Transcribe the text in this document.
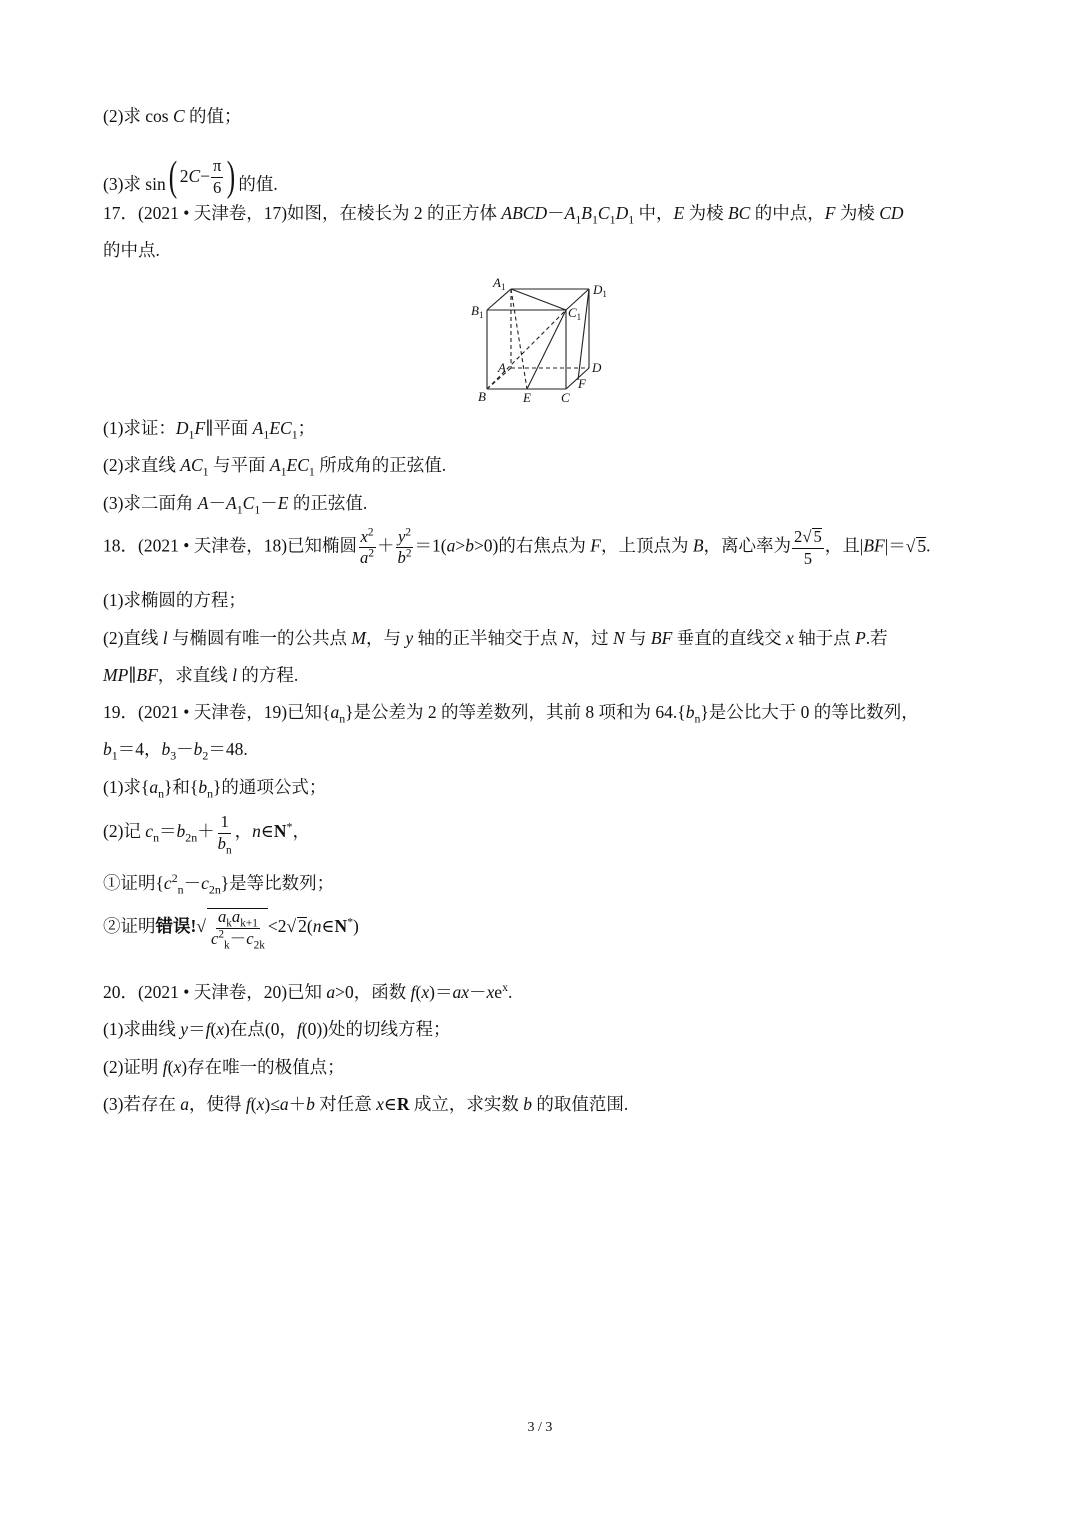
(2)求 cos C 的值；
(3)求 sin ( 2 $C - \frac{\pi}{6}$ ) 的值.
17．(2021 • 天津卷，17)如图，在棱长为 2 的正方体 $ABCD-A_1B_1C_1D_1$ 中，E 为棱 BC 的中点，F 为棱 CD
的中点.
$A_1$	$D_1$
$B_1$	$C_1$
A	D
B	E C
F
(1)求证：$D_1F\parallel$平面 $A_1EC_1$；
(2)求直线 $AC_1$ 与平面 $A_1EC_1$ 所成角的正弦值.
(3)求二面角 $A-A_1C_1-E$ 的正弦值.
18．(2021 • 天津卷，18)已知椭圆 $\frac{x^2}{a^2} + \frac{y^2}{b^2} =1(a>b>0)$的右焦点为 F，上顶点为 B，离心率为 $\frac{2√ 5}{5}$ ，且|BF|＝√ 5.
(1)求椭圆的方程；
(2)直线 l 与椭圆有唯一的公共点 M，与 y 轴的正半轴交于点 N，过 N 与 BF 垂直的直线交 x 轴于点 P.若
MP∥BF，求直线 l 的方程.
19．(2021 • 天津卷，19)已知$\{a_n\}$是公差为 2 的等差数列，其前 8 项和为 $64.\{b_n\}$是公比大于 0 的等比数列，
$b_1=4$，$b_3-b_2=48$.
(1)求$\{a_n\}$和$\{b_n\}$的通项公式；
(2)记 $c_n=b_{2n}+ \frac{1}{b_n}$ ，n∈N*，
①证明$\{c^2_n-c_{2n}\}$是等比数列；
②证明错误!√ $\frac{a_ka_{k+1}}{c^2_k-c_{2k}} <2√$ 2(n∈N*)
20．(2021 • 天津卷，20)已知 a>0，函数 $f(x)=ax-xe^x$.
(1)求曲线 y＝f(x)在点(0，f(0))处的切线方程；
(2)证明 f(x)存在唯一的极值点；
(3)若存在 a，使得 f(x)≤a＋b 对任意 x∈R 成立，求实数 b 的取值范围.
3 / 3
